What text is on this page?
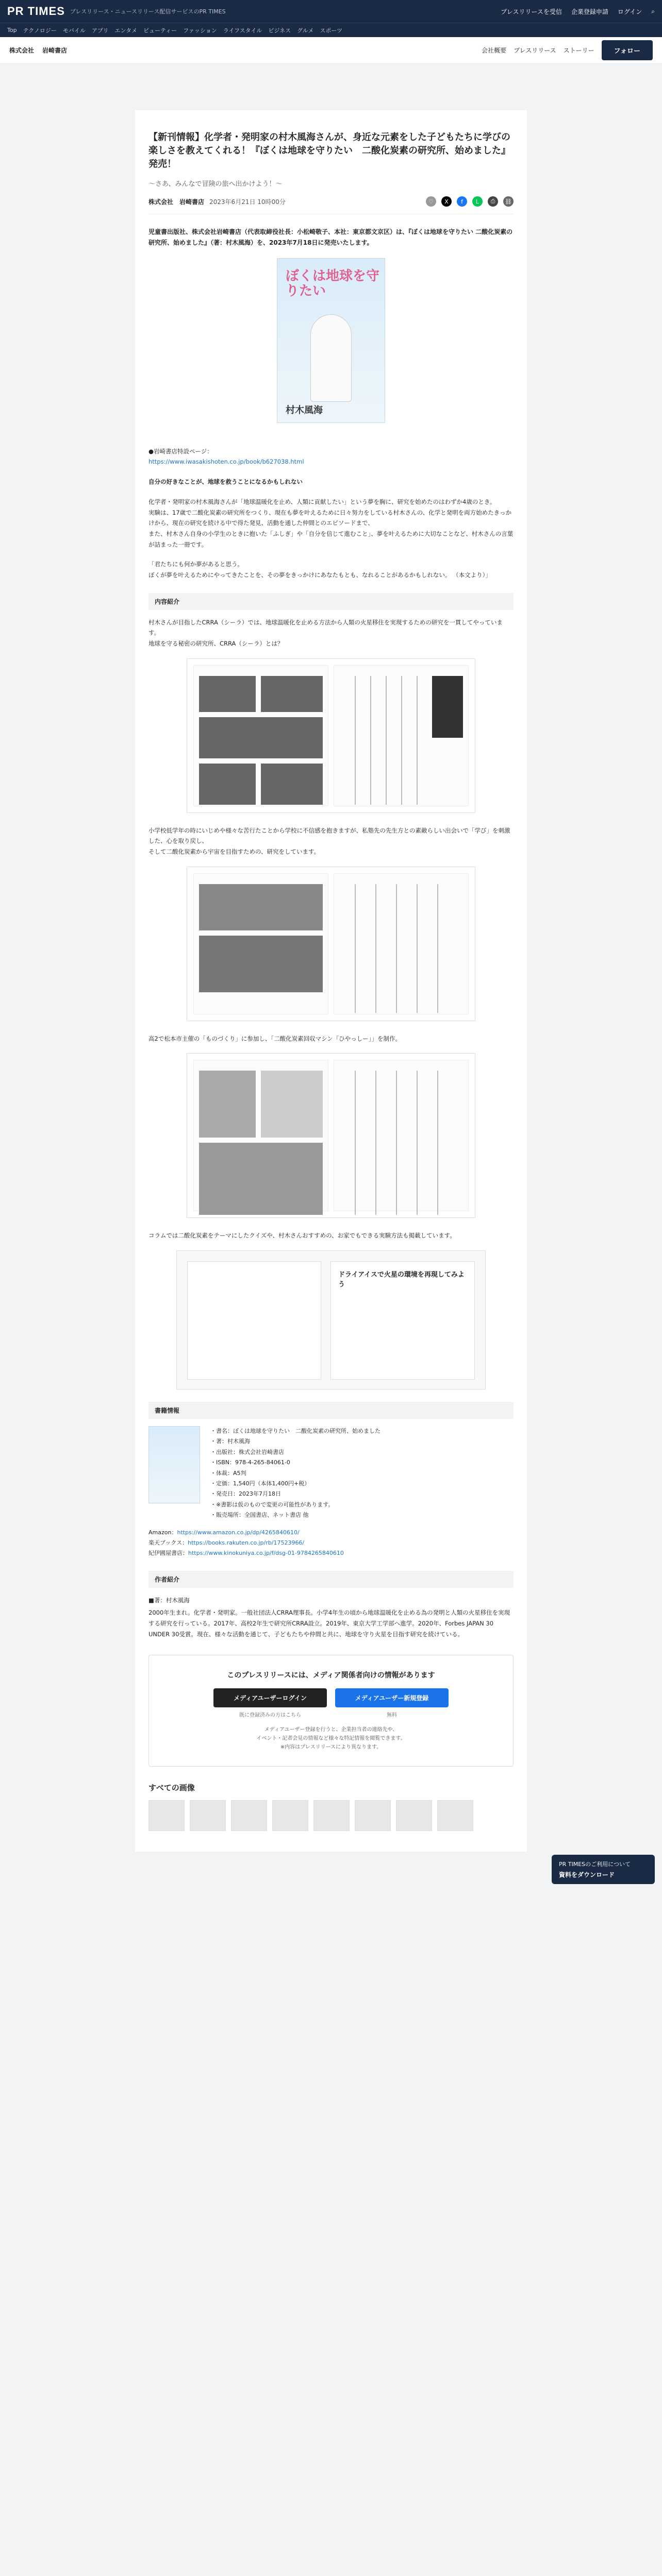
PR TIMES プレスリリース・ニュースリリース配信サービスのPR TIMES	プレスリリースを受信 企業登録申請 ログイン ⌕
Top テクノロジー モバイル アプリ エンタメ ビューティー ファッション ライフスタイル ビジネス グルメ スポーツ
株式会社 岩崎書店	会社概要 プレスリリース ストーリー	フォロー
【新刊情報】化学者・発明家の村木風海さんが、身近な元素をした子どもたちに学びの楽しさを教えてくれる！『ぼくは地球を守りたい　二酸化炭素の研究所、始めました』発売！

～さあ、みんなで冒険の旅へ出かけよう！～

株式会社　岩崎書店 2023年6月21日 10時00分	♡	X	f	L	⎙	⛓

児童書出版社、株式会社岩崎書店（代表取締役社長：小松崎敬子、本社：東京都文京区）は、『ぼくは地球を守りたい 二酸化炭素の研究所、始めました』（著：村木風海）を、2023年7月18日に発売いたします。

ぼくは地球を守りたい
村木風海

●岩崎書店特設ページ：
https://www.iwasakishoten.co.jp/book/b627038.html

自分の好きなことが、地球を救うことになるかもしれない

化学者・発明家の村木風海さんが「地球温暖化を止め、人類に貢献したい」という夢を胸に、研究を始めたのはわずか4歳のとき。
実験は、17歳で二酸化炭素の研究所をつくり、現在も夢を叶えるために日々努力をしている村木さんの、化学と発明を両方始めたきっかけから、現在の研究を続ける中で得た発見、活動を通した仲間とのエピソードまで、
また、村木さん自身の小学生のときに抱いた「ふしぎ」や「自分を信じて進むこと」、夢を叶えるために大切なことなど、村木さんの言葉が詰まった一冊です。

「君たちにも何か夢があると思う。
ぼくが夢を叶えるためにやってきたことを、その夢をきっかけにあなたもとも、なれることがあるかもしれない。 （本文より）」

内容紹介

村木さんが目指したCRRA（シーラ）では、地球温暖化を止める方法から人類の火星移住を実現するための研究を一貫してやっています。
地球を守る秘密の研究所、CRRA（シーラ）とは？

小学校低学年の時にいじめや様々な苦行たことから学校に不信感を抱きますが、私塾先の先生方との素敵らしい出会いで「学び」を刺激した、心を取り戻し、
そして二酸化炭素から宇宙を目指すための、研究をしています。

高2で松本市主催の「ものづくり」に参加し、「二酸化炭素回収マシン「ひやっしー」」を制作。

コラムでは二酸化炭素をテーマにしたクイズや、村木さんおすすめの、お家でもできる実験方法も掲載しています。

ドライアイスで火星の環境を再現してみよう
書籍情報
・書名：ぼくは地球を守りたい　二酸化炭素の研究所、始めました
・著：村木風海
・出版社：株式会社岩崎書店
・ISBN：978-4-265-84061-0
・体裁：A5判
・定価：1,540円（本体1,400円+税）
・発売日：2023年7月18日
・※書影は仮のもので変更の可能性があります。
・販売場所：全国書店、ネット書店 他
Amazon：https://www.amazon.co.jp/dp/4265840610/
楽天ブックス：https://books.rakuten.co.jp/rb/17523966/
紀伊國屋書店：https://www.kinokuniya.co.jp/f/dsg-01-9784265840610
作者紹介

■著：村木風海

2000年生まれ。化学者・発明家。一般社団法人CRRA理事長。小学4年生の頃から地球温暖化を止める為の発明と人類の火星移住を実現する研究を行っている。2017年、高校2年生で研究所CRRA設立。2019年、東京大学工学部へ進学。2020年、Forbes JAPAN 30 UNDER 30受賞。現在、様々な活動を通じて、子どもたちや仲間と共に、地球を守り火星を目指す研究を続けている。

このプレスリリースには、メディア関係者向けの情報があります
メディアユーザーログイン	メディアユーザー新規登録
既に登録済みの方はこちら	無料

メディアユーザー登録を行うと、企業担当者の連絡先や、
イベント・記者会見の情報など様々な特記情報を閲覧できます。
※内容はプレスリリースにより異なります。

すべての画像
PR TIMESのご利用について
資料をダウンロード
